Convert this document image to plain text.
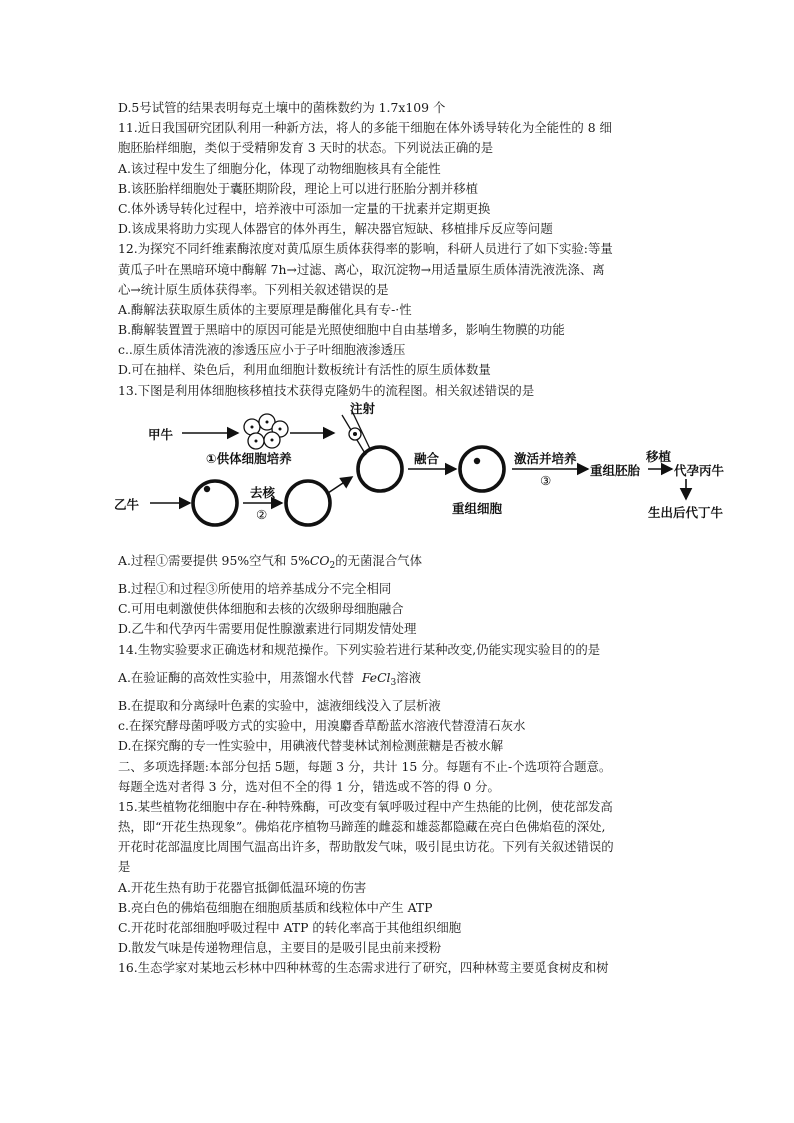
D.5号试管的结果表明每克土壤中的菌株数约为 1.7x109 个
11.近日我国研究团队利用一种新方法，将人的多能干细胞在体外诱导转化为全能性的 8 细
胞胚胎样细胞，类似于受精卵发育 3 天时的状态。下列说法正确的是
A.该过程中发生了细胞分化，体现了动物细胞核具有全能性
B.该胚胎样细胞处于囊胚期阶段，理论上可以进行胚胎分割并移植
C.体外诱导转化过程中，培养液中可添加一定量的干扰素并定期更换
D.该成果将助力实现人体器官的体外再生，解决器官短缺、移植排斥反应等问题
12.为探究不同纤维素酶浓度对黄瓜原生质体获得率的影响，科研人员进行了如下实验:等量
黄瓜子叶在黑暗环境中酶解 7h→过滤、离心，取沉淀物→用适量原生质体清洗液洗涤、离
心→统计原生质体获得率。下列相关叙述错误的是
A.酶解法获取原生质体的主要原理是酶催化具有专-·性
B.酶解装置置于黑暗中的原因可能是光照使细胞中自由基增多，影响生物膜的功能
c..原生质体清洗液的渗透压应小于子叶细胞液渗透压
D.可在抽样、染色后，利用血细胞计数板统计有活性的原生质体数量
13.下图是利用体细胞核移植技术获得克隆奶牛的流程图。相关叙述错误的是
甲牛
①供体细胞培养
乙牛
去核
②
注射
融合
重组细胞
激活并培养
③
重组胚胎
移植
代孕丙牛
生出后代丁牛
A.过程①需要提供 95%空气和 $5\%CO_2$的无菌混合气体
B.过程①和过程③所使用的培养基成分不完全相同
C.可用电刺激使供体细胞和去核的次级卵母细胞融合
D.乙牛和代孕丙牛需要用促性腺激素进行同期发情处理
14.生物实验要求正确选材和规范操作。下列实验若进行某种改变,仍能实现实验目的的是
A.在验证酶的高效性实验中，用蒸馏水代替 FeCl$_3$溶液
B.在提取和分离绿叶色素的实验中，滤液细线没入了层析液
c.在探究酵母菌呼吸方式的实验中，用溴麝香草酚蓝水溶液代替澄清石灰水
D.在探究酶的专一性实验中，用碘液代替斐林试剂检测蔗糖是否被水解
二、多项选择题:本部分包括 5题，每题 3 分，共计 15 分。每题有不止-个选项符合题意。
每题全选对者得 3 分，选对但不全的得 1 分，错选或不答的得 0 分。
15.某些植物花细胞中存在-种特殊酶，可改变有氧呼吸过程中产生热能的比例，使花部发高
热，即“开花生热现象”。佛焰花序植物马蹄莲的雌蕊和雄蕊都隐藏在亮白色佛焰苞的深处,
开花时花部温度比周围气温高出许多，帮助散发气味，吸引昆虫访花。下列有关叙述错误的
是
A.开花生热有助于花器官抵御低温环境的伤害
B.亮白色的佛焰苞细胞在细胞质基质和线粒体中产生 ATP
C.开花时花部细胞呼吸过程中 ATP 的转化率高于其他组织细胞
D.散发气味是传递物理信息，主要目的是吸引昆虫前来授粉
16.生态学家对某地云杉林中四种林莺的生态需求进行了研究，四种林莺主要觅食树皮和树
